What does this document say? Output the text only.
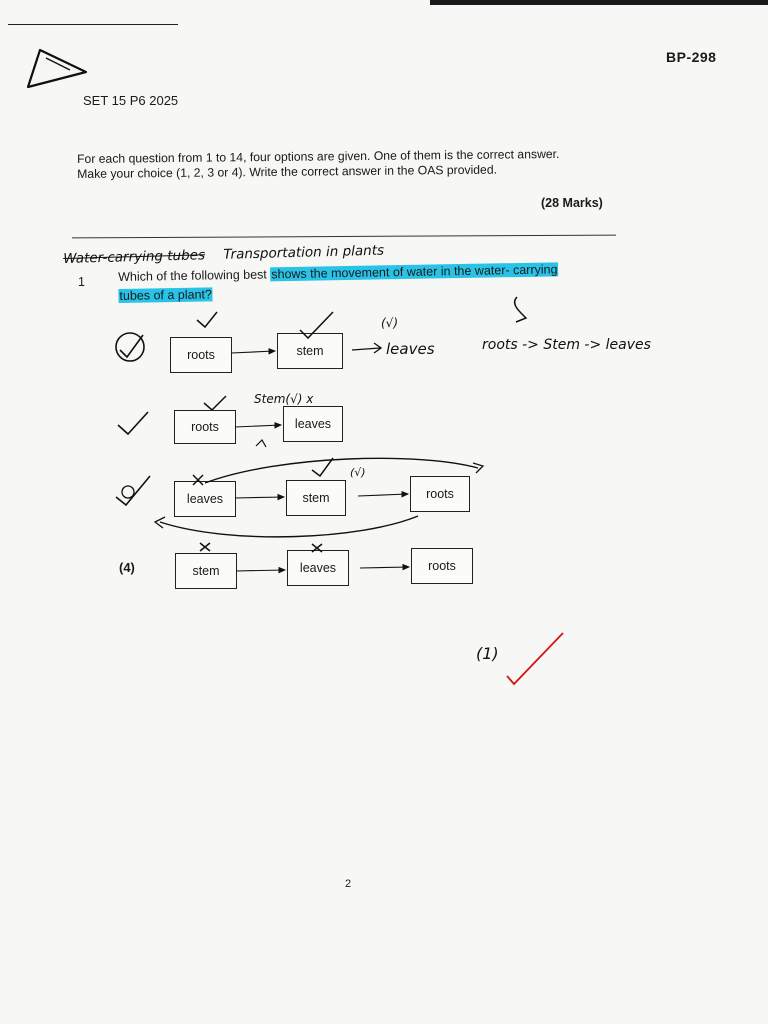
BP-298
SET 15 P6 2025
For each question from 1 to 14, four options are given. One of them is the correct answer.
Make your choice (1, 2, 3 or 4). Write the correct answer in the OAS provided.
(28 Marks)
Water-carrying tubes Transportation in plants
1	Which of the following best shows the movement of water in the water- carrying
tubes of a plant?
roots	stem
roots	leaves
leaves	stem	roots
(4)	stem	leaves	roots
leaves
(√)
roots -> Stem -> leaves
Stem(√) x
(√)
(1)
2
